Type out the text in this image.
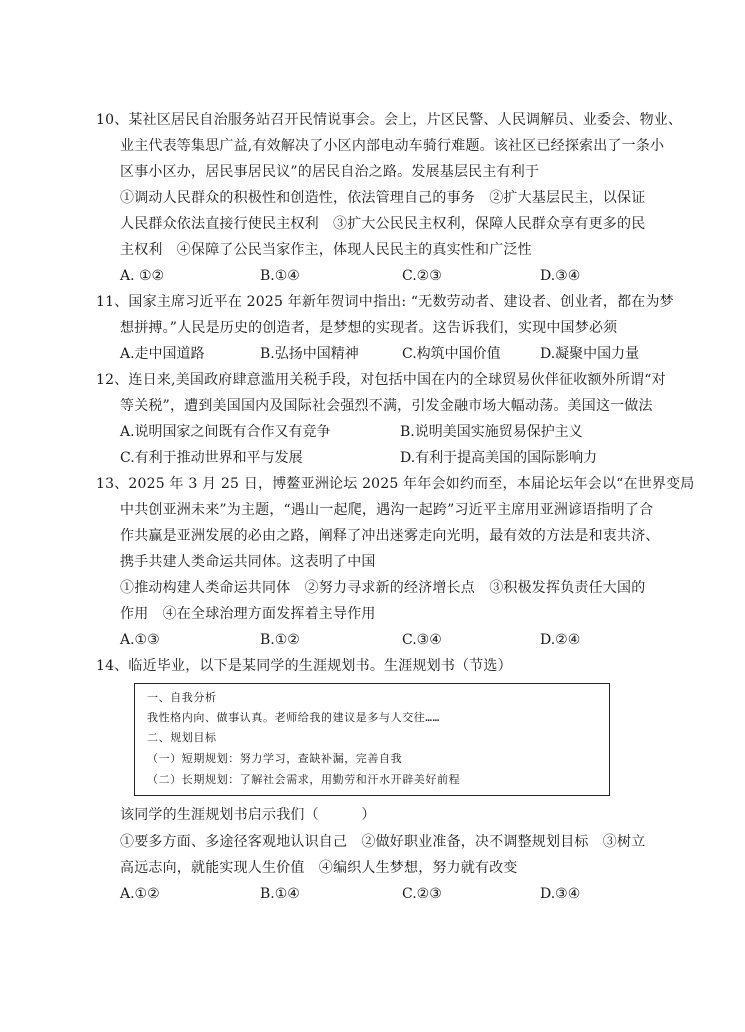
10、某社区居民自治服务站召开民情说事会。会上，片区民警、人民调解员、业委会、物业、
业主代表等集思广益,有效解决了小区内部电动车骑行难题。该社区已经探索出了一条小
区事小区办，居民事居民议”的居民自治之路。发展基层民主有利于
①调动人民群众的积极性和创造性，依法管理自己的事务　②扩大基层民主，以保证
人民群众依法直接行使民主权利　③扩大公民民主权利，保障人民群众享有更多的民
主权利　④保障了公民当家作主，体现人民民主的真实性和广泛性
A. ①②	B.①④	C.②③	D.③④
11、国家主席习近平在 2025 年新年贺词中指出: “无数劳动者、建设者、创业者，都在为梦
想拼搏。”人民是历史的创造者，是梦想的实现者。这告诉我们，实现中国梦必须
A.走中国道路	B.弘扬中国精神	C.构筑中国价值	D.凝聚中国力量
12、连日来,美国政府肆意滥用关税手段，对包括中国在内的全球贸易伙伴征收额外所谓“对
等关税”，遭到美国国内及国际社会强烈不满，引发金融市场大幅动荡。美国这一做法
A.说明国家之间既有合作又有竞争	B.说明美国实施贸易保护主义
C.有利于推动世界和平与发展	D.有利于提高美国的国际影响力
13、2025 年 3 月 25 日，博鳌亚洲论坛 2025 年年会如约而至，本届论坛年会以“在世界变局
中共创亚洲未来”为主题，“遇山一起爬，遇沟一起跨”习近平主席用亚洲谚语指明了合
作共赢是亚洲发展的必由之路，阐释了冲出迷雾走向光明，最有效的方法是和衷共济、
携手共建人类命运共同体。这表明了中国
①推动构建人类命运共同体　②努力寻求新的经济增长点　③积极发挥负责任大国的
作用　④在全球治理方面发挥着主导作用
A.①③	B.①②	C.③④	D.②④
14、临近毕业，以下是某同学的生涯规划书。生涯规划书（节选）
一、自我分析
我性格内向、做事认真。老师给我的建议是多与人交往……
二、规划目标
（一）短期规划：努力学习，查缺补漏，完善自我
（二）长期规划：了解社会需求，用勤劳和汗水开辟美好前程
该同学的生涯规划书启示我们（　　　）
①要多方面、多途径客观地认识自己　②做好职业准备，决不调整规划目标　③树立
高远志向，就能实现人生价值　④编织人生梦想，努力就有改变
A.①②	B.①④	C.②③	D.③④
